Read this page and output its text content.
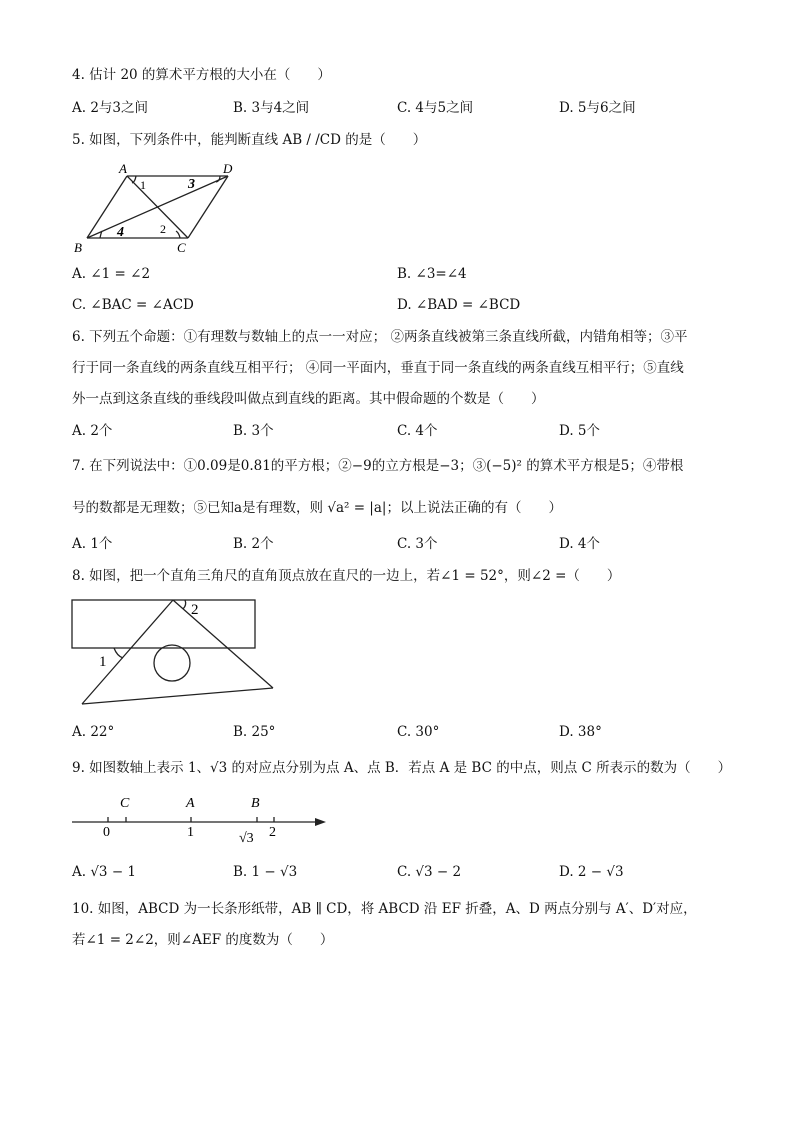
4. 估计 20 的算术平方根的大小在（　　）
A. 2与3之间	B. 3与4之间	C. 4与5之间	D. 5与6之间
5. 如图，下列条件中，能判断直线 AB / /CD 的是（　　）
A	D
B	C
1	3
2
4
A. ∠1 = ∠2	B. ∠3=∠4
C. ∠BAC = ∠ACD	D. ∠BAD = ∠BCD
6. 下列五个命题：①有理数与数轴上的点一一对应； ②两条直线被第三条直线所截，内错角相等；③平
行于同一条直线的两条直线互相平行； ④同一平面内，垂直于同一条直线的两条直线互相平行；⑤直线
外一点到这条直线的垂线段叫做点到直线的距离。其中假命题的个数是（　　）
A. 2个	B. 3个	C. 4个	D. 5个
7. 在下列说法中：①0.09是0.81的平方根；②−9的立方根是−3；③(−5)² 的算术平方根是5；④带根
号的数都是无理数；⑤已知a是有理数，则 √a² = |a|；以上说法正确的有（　　）
A. 1个	B. 2个	C. 3个	D. 4个
8. 如图，把一个直角三角尺的直角顶点放在直尺的一边上，若∠1 = 52°，则∠2 =（　　）
1
2
A. 22°	B. 25°	C. 30°	D. 38°
9. 如图数轴上表示 1、√3 的对应点分别为点 A、点 B．若点 A 是 BC 的中点，则点 C 所表示的数为（　　）
C	A	B
0	1	√3 2
A. √3 − 1	B. 1 − √3	C. √3 − 2	D. 2 − √3
10. 如图，ABCD 为一长条形纸带，AB ∥ CD，将 ABCD 沿 EF 折叠，A、D 两点分别与 A′、D′对应，
若∠1 = 2∠2，则∠AEF 的度数为（　　）
